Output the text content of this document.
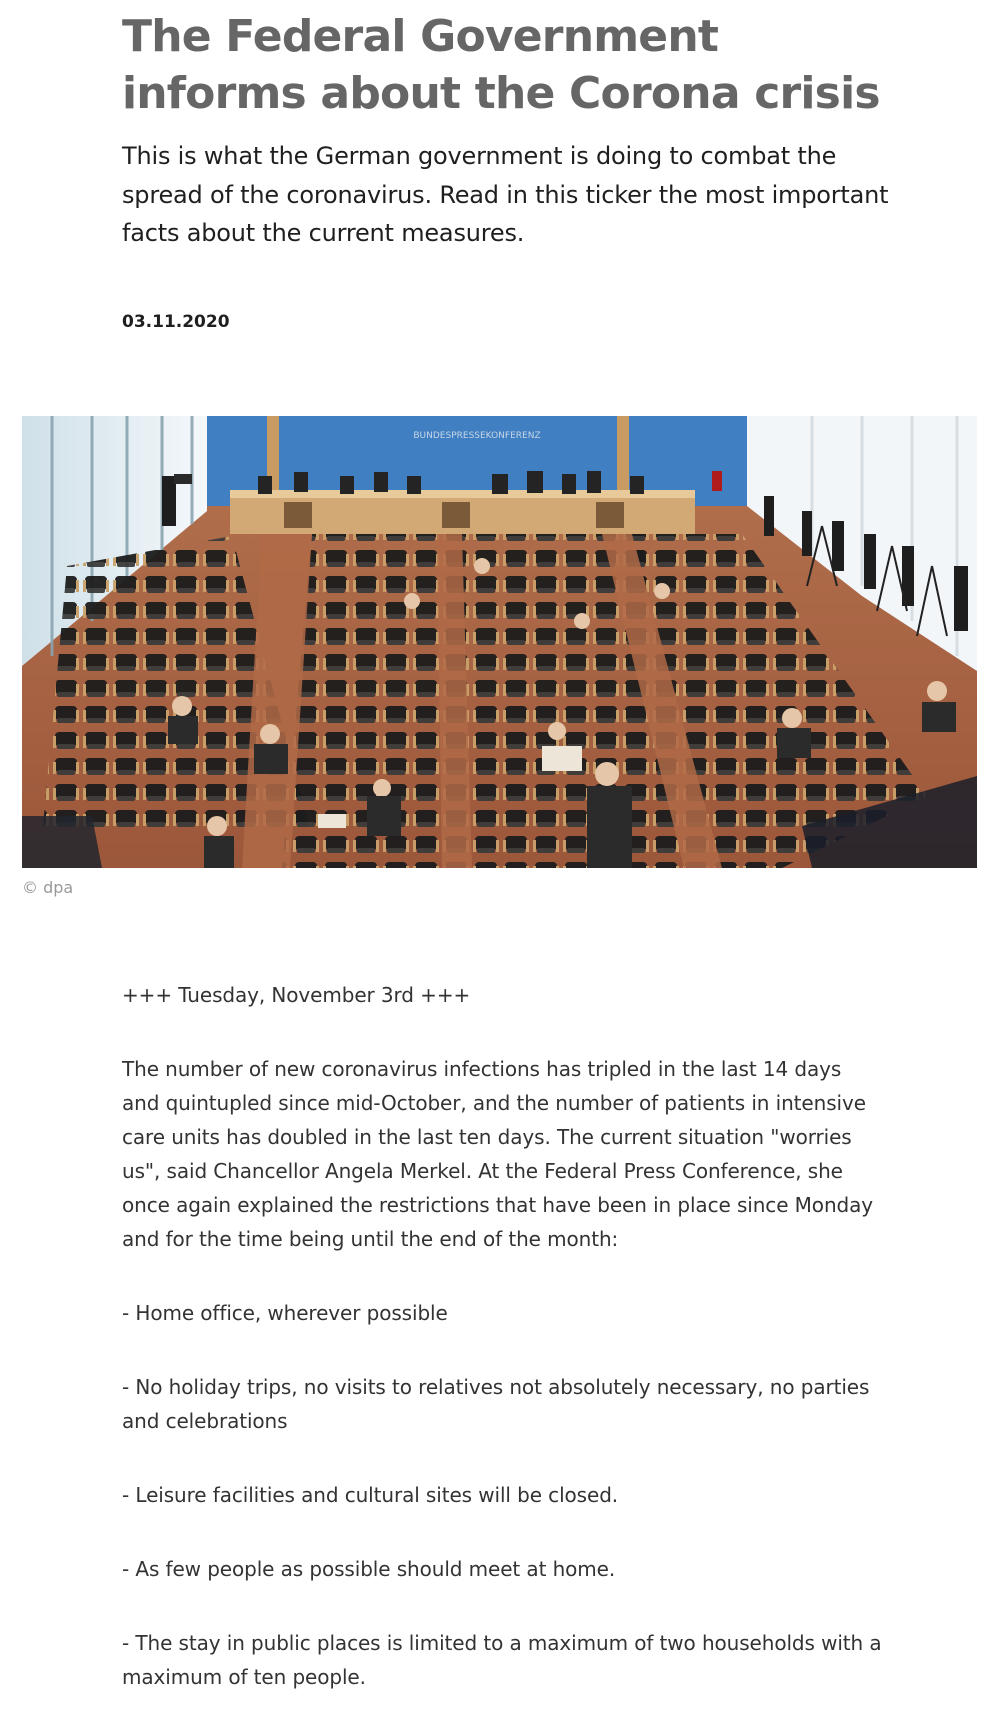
The Federal Government informs about the Corona crisis

This is what the German government is doing to combat the spread of the coronavirus. Read in this ticker the most important facts about the current measures.

03.11.2020

BUNDESPRESSEKONFERENZ

© dpa

+++ Tuesday, November 3rd +++

The number of new coronavirus infections has tripled in the last 14 days and quintupled since mid-October, and the number of patients in intensive care units has doubled in the last ten days. The current situation "worries us", said Chancellor Angela Merkel. At the Federal Press Conference, she once again explained the restrictions that have been in place since Monday and for the time being until the end of the month:

- Home office, wherever possible

- No holiday trips, no visits to relatives not absolutely necessary, no parties and celebrations

- Leisure facilities and cultural sites will be closed.

- As few people as possible should meet at home.

- The stay in public places is limited to a maximum of two households with a maximum of ten people.
